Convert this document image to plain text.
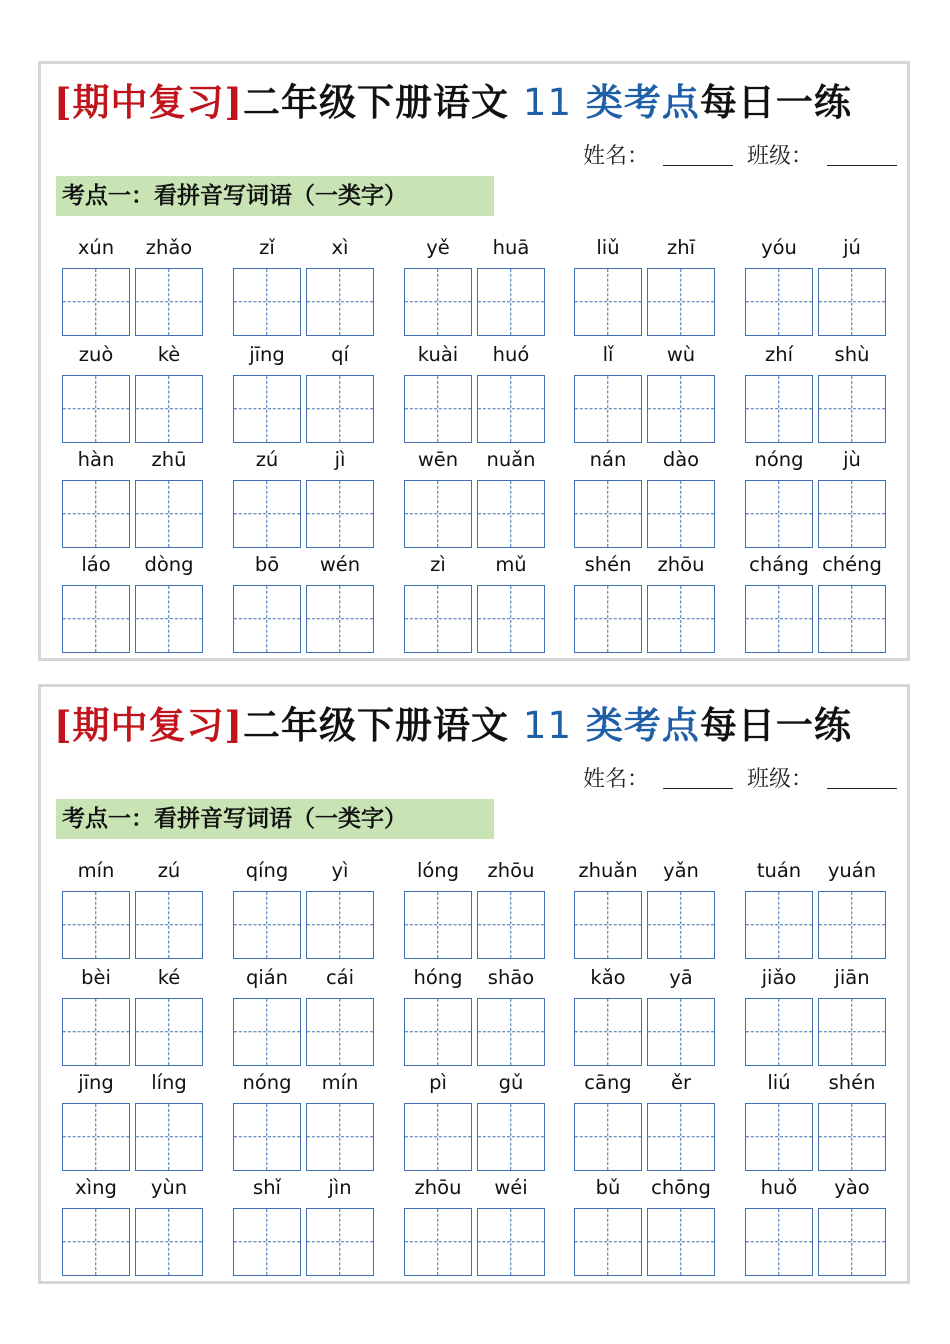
[期中复习]二年级下册语文 11 类考点每日一练
姓名：	班级：
考点一：看拼音写词语（一类字）
xún	zhǎo	zǐ	xì	yě	huā	liǔ	zhī	yóu	jú
zuò	kè	jīng	qí	kuài	huó	lǐ	wù	zhí	shù
hàn	zhū	zú	jì	wēn	nuǎn	nán	dào	nóng	jù
láo	dòng	bō	wén	zì	mǔ	shén	zhōu	cháng chéng
[期中复习]二年级下册语文 11 类考点每日一练
姓名：	班级：
考点一：看拼音写词语（一类字）
mín	zú	qíng	yì	lóng	zhōu	zhuǎn	yǎn	tuán	yuán
bèi	ké	qián	cái	hóng	shāo	kǎo	yā	jiǎo	jiān
jīng	líng	nóng	mín	pì	gǔ	cāng	ěr	liú	shén
xìng	yùn	shǐ	jìn	zhōu	wéi	bǔ	chōng	huǒ	yào
